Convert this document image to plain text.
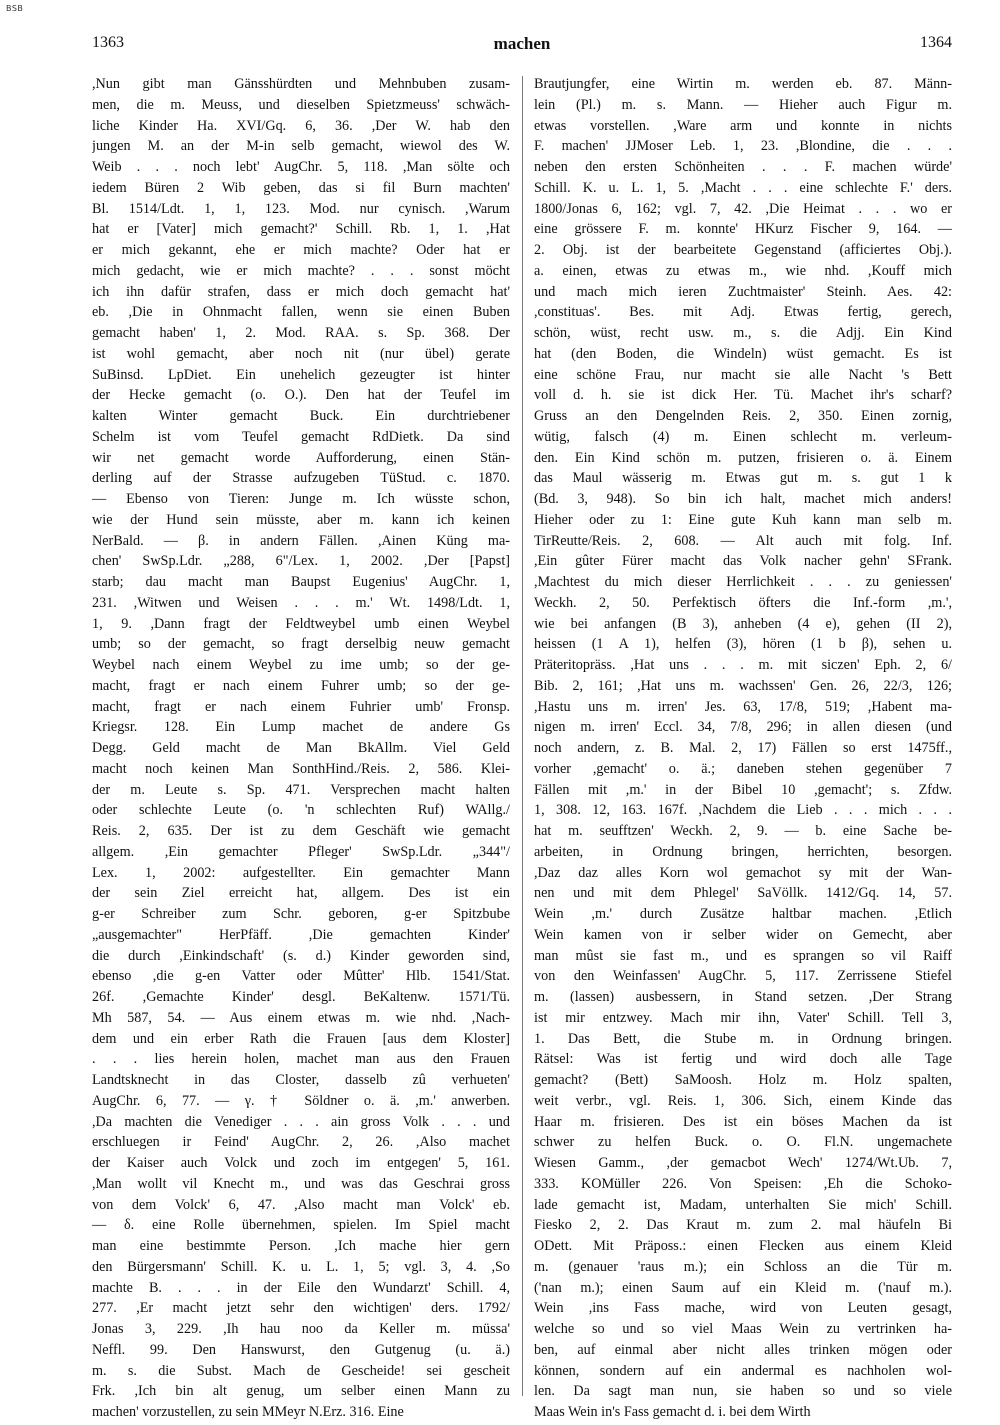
BSB
1363	machen	1364
,Nun gibt man Gänsshürdten und Mehnbuben zusam-
men, die m. Meuss, und dieselben Spietzmeuss' schwäch-
liche Kinder Ha. XVI/Gq. 6, 36. ,Der W. hab den
jungen M. an der M-in selb gemacht, wiewol des W.
Weib . . . noch lebt' AugChr. 5, 118. ,Man sölte och
iedem Büren 2 Wib geben, das si fil Burn machten'
Bl. 1514/Ldt. 1, 1, 123. Mod. nur cynisch. ,Warum
hat er [Vater] mich gemacht?' Schill. Rb. 1, 1. ,Hat
er mich gekannt, ehe er mich machte? Oder hat er
mich gedacht, wie er mich machte? . . . sonst möcht
ich ihn dafür strafen, dass er mich doch gemacht hat'
eb. ,Die in Ohnmacht fallen, wenn sie einen Buben
gemacht haben' 1, 2. Mod. RAA. s. Sp. 368. Der
ist wohl gemacht, aber noch nit (nur übel) gerate
SuBinsd. LpDiet. Ein unehelich gezeugter ist hinter
der Hecke gemacht (o. O.). Den hat der Teufel im
kalten Winter gemacht Buck. Ein durchtriebener
Schelm ist vom Teufel gemacht RdDietk. Da sind
wir net gemacht worde Aufforderung, einen Stän-
derling auf der Strasse aufzugeben TüStud. c. 1870.
— Ebenso von Tieren: Junge m. Ich wüsste schon,
wie der Hund sein müsste, aber m. kann ich keinen
NerBald. — β. in andern Fällen. ,Ainen Küng ma-
chen' SwSp.Ldr. „288, 6"/Lex. 1, 2002. ,Der [Papst]
starb; dau macht man Baupst Eugenius' AugChr. 1,
231. ,Witwen und Weisen . . . m.' Wt. 1498/Ldt. 1,
1, 9. ,Dann fragt der Feldtweybel umb einen Weybel
umb; so der gemacht, so fragt derselbig neuw gemacht
Weybel nach einem Weybel zu ime umb; so der ge-
macht, fragt er nach einem Fuhrer umb; so der ge-
macht, fragt er nach einem Fuhrier umb' Fronsp.
Kriegsr. 128. Ein Lump machet de andere Gs
Degg. Geld macht de Man BkAllm. Viel Geld
macht noch keinen Man SonthHind./Reis. 2, 586. Klei-
der m. Leute s. Sp. 471. Versprechen macht halten
oder schlechte Leute (o. 'n schlechten Ruf) WAllg./
Reis. 2, 635. Der ist zu dem Geschäft wie gemacht
allgem. ,Ein gemachter Pfleger' SwSp.Ldr. „344"/
Lex. 1, 2002: aufgestellter. Ein gemachter Mann
der sein Ziel erreicht hat, allgem. Des ist ein
g-er Schreiber zum Schr. geboren, g-er Spitzbube
„ausgemachter" HerPfäff. ,Die gemachten Kinder'
die durch ,Einkindschaft' (s. d.) Kinder geworden sind,
ebenso ,die g-en Vatter oder Mûtter' Hlb. 1541/Stat.
26f. ,Gemachte Kinder' desgl. BeKaltenw. 1571/Tü.
Mh 587, 54. — Aus einem etwas m. wie nhd. ,Nach-
dem und ein erber Rath die Frauen [aus dem Kloster]
. . . lies herein holen, machet man aus den Frauen
Landtsknecht in das Closter, dasselb zû verhueten'
AugChr. 6, 77. — γ. † Söldner o. ä. ,m.' anwerben.
,Da machten die Venediger . . . ain gross Volk . . . und
erschluegen ir Feind' AugChr. 2, 26. ,Also machet
der Kaiser auch Volck und zoch im entgegen' 5, 161.
,Man wollt vil Knecht m., und was das Geschrai gross
von dem Volck' 6, 47. ,Also macht man Volck' eb.
— δ. eine Rolle übernehmen, spielen. Im Spiel macht
man eine bestimmte Person. ,Ich mache hier gern
den Bürgersmann' Schill. K. u. L. 1, 5; vgl. 3, 4. ,So
machte B. . . . in der Eile den Wundarzt' Schill. 4,
277. ,Er macht jetzt sehr den wichtigen' ders. 1792/
Jonas 3, 229. ,Ih hau noo da Keller m. müssa'
Neffl. 99. Den Hanswurst, den Gutgenug (u. ä.)
m. s. die Subst. Mach de Gescheide! sei gescheit
Frk. ,Ich bin alt genug, um selber einen Mann zu
machen' vorzustellen, zu sein MMeyr N.Erz. 316. Eine
Brautjungfer, eine Wirtin m. werden eb. 87. Männ-
lein (Pl.) m. s. Mann. — Hieher auch Figur m.
etwas vorstellen. ,Ware arm und konnte in nichts
F. machen' JJMoser Leb. 1, 23. ,Blondine, die . . .
neben den ersten Schönheiten . . . F. machen würde'
Schill. K. u. L. 1, 5. ,Macht . . . eine schlechte F.' ders.
1800/Jonas 6, 162; vgl. 7, 42. ,Die Heimat . . . wo er
eine grössere F. m. konnte' HKurz Fischer 9, 164. —
2. Obj. ist der bearbeitete Gegenstand (afficiertes Obj.).
a. einen, etwas zu etwas m., wie nhd. ,Kouff mich
und mach mich ieren Zuchtmaister' Steinh. Aes. 42:
,constituas'. Bes. mit Adj. Etwas fertig, gerech,
schön, wüst, recht usw. m., s. die Adjj. Ein Kind
hat (den Boden, die Windeln) wüst gemacht. Es ist
eine schöne Frau, nur macht sie alle Nacht 's Bett
voll d. h. sie ist dick Her. Tü. Machet ihr's scharf?
Gruss an den Dengelnden Reis. 2, 350. Einen zornig,
wütig, falsch (4) m. Einen schlecht m. verleum-
den. Ein Kind schön m. putzen, frisieren o. ä. Einem
das Maul wässerig m. Etwas gut m. s. gut 1 k
(Bd. 3, 948). So bin ich halt, machet mich anders!
Hieher oder zu 1: Eine gute Kuh kann man selb m.
TirReutte/Reis. 2, 608. — Alt auch mit folg. Inf.
,Ein gûter Fürer macht das Volk nacher gehn' SFrank.
,Machtest du mich dieser Herrlichkeit . . . zu geniessen'
Weckh. 2, 50. Perfektisch öfters die Inf.-form ,m.',
wie bei anfangen (B 3), anheben (4 e), gehen (II 2),
heissen (1 A 1), helfen (3), hören (1 b β), sehen u.
Präteritopräss. ,Hat uns . . . m. mit siczen' Eph. 2, 6/
Bib. 2, 161; ,Hat uns m. wachssen' Gen. 26, 22/3, 126;
,Hastu uns m. irren' Jes. 63, 17/8, 519; ,Habent ma-
nigen m. irren' Eccl. 34, 7/8, 296; in allen diesen (und
noch andern, z. B. Mal. 2, 17) Fällen so erst 1475ff.,
vorher ,gemacht' o. ä.; daneben stehen gegenüber 7
Fällen mit ,m.' in der Bibel 10 ,gemacht'; s. Zfdw.
1, 308. 12, 163. 167f. ,Nachdem die Lieb . . . mich . . .
hat m. seufftzen' Weckh. 2, 9. — b. eine Sache be-
arbeiten, in Ordnung bringen, herrichten, besorgen.
,Daz daz alles Korn wol gemachot sy mit der Wan-
nen und mit dem Phlegel' SaVöllk. 1412/Gq. 14, 57.
Wein ,m.' durch Zusätze haltbar machen. ,Etlich
Wein kamen von ir selber wider on Gemecht, aber
man mûst sie fast m., und es sprangen so vil Raiff
von den Weinfassen' AugChr. 5, 117. Zerrissene Stiefel
m. (lassen) ausbessern, in Stand setzen. ,Der Strang
ist mir entzwey. Mach mir ihn, Vater' Schill. Tell 3,
1. Das Bett, die Stube m. in Ordnung bringen.
Rätsel: Was ist fertig und wird doch alle Tage
gemacht? (Bett) SaMoosh. Holz m. Holz spalten,
weit verbr., vgl. Reis. 1, 306. Sich, einem Kinde das
Haar m. frisieren. Des ist ein böses Machen da ist
schwer zu helfen Buck. o. O. Fl.N. ungemachete
Wiesen Gamm., ,der gemacbot Wech' 1274/Wt.Ub. 7,
333. KOMüller 226. Von Speisen: ,Eh die Schoko-
lade gemacht ist, Madam, unterhalten Sie mich' Schill.
Fiesko 2, 2. Das Kraut m. zum 2. mal häufeln Bi
ODett. Mit Präposs.: einen Flecken aus einem Kleid
m. (genauer 'raus m.); ein Schloss an die Tür m.
('nan m.); einen Saum auf ein Kleid m. ('nauf m.).
Wein ,ins Fass mache, wird von Leuten gesagt,
welche so und so viel Maas Wein zu vertrinken ha-
ben, auf einmal aber nicht alles trinken mögen oder
können, sondern auf ein andermal es nachholen wol-
len. Da sagt man nun, sie haben so und so viele
Maas Wein in's Fass gemacht d. i. bei dem Wirth
